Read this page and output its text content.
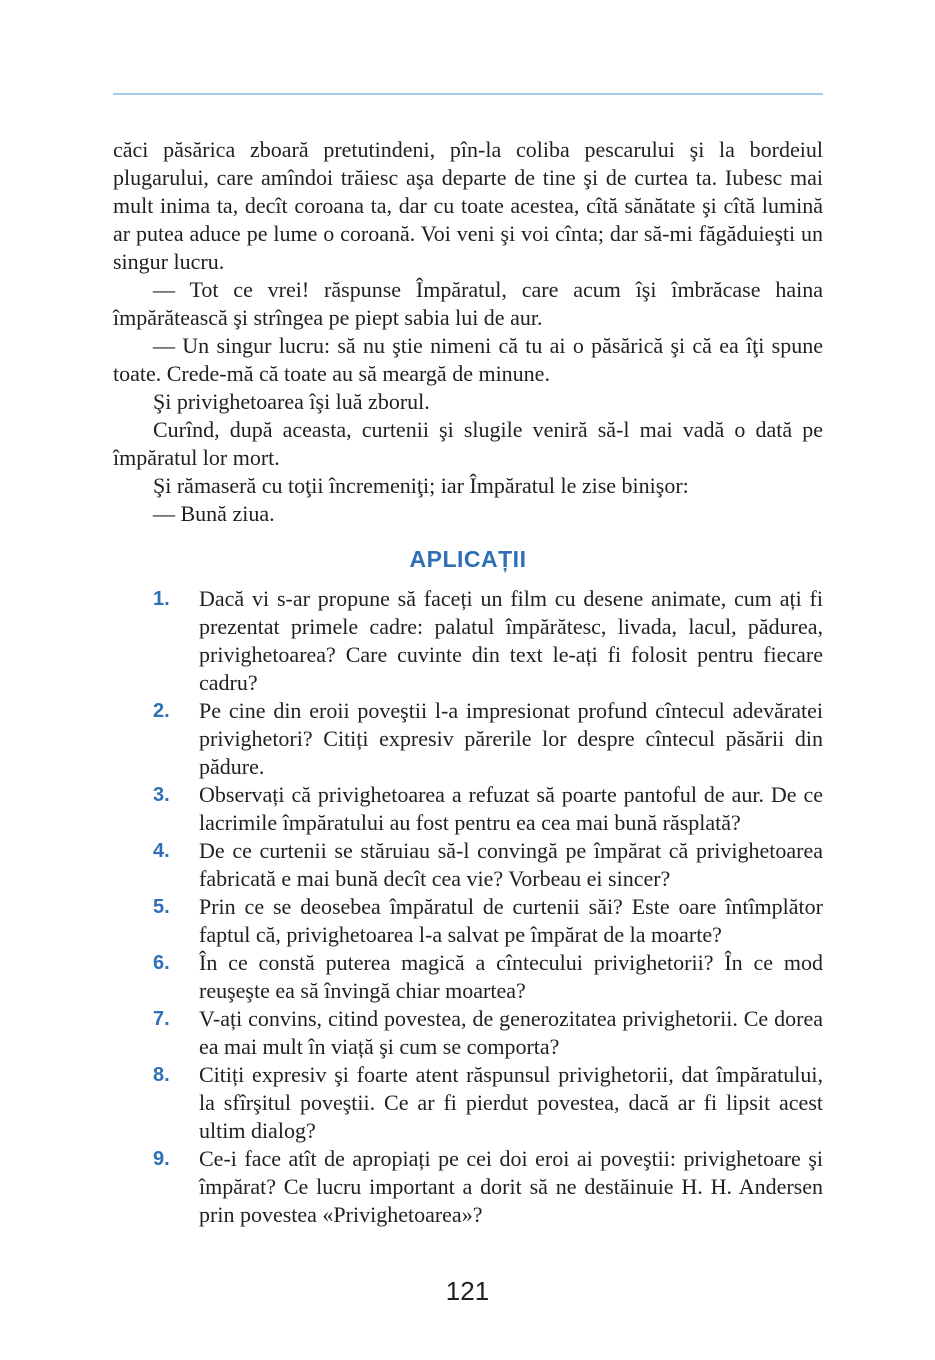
căci păsărica zboară pretutindeni, pîn-la coliba pescarului şi la bordeiul plugarului, care amîndoi trăiesc aşa departe de tine şi de curtea ta. Iubesc mai mult inima ta, decît coroana ta, dar cu toate acestea, cîtă sănătate şi cîtă lumină ar putea aduce pe lume o coroană. Voi veni şi voi cînta; dar să-mi făgăduieşti un singur lucru.

— Tot ce vrei! răspunse Împăratul, care acum îşi îmbrăcase haina împărătească şi strîngea pe piept sabia lui de aur.

— Un singur lucru: să nu ştie nimeni că tu ai o păsărică şi că ea îţi spune toate. Crede-mă că toate au să meargă de minune.

Şi privighetoarea îşi luă zborul.

Curînd, după aceasta, curtenii şi slugile veniră să-l mai vadă o dată pe împăratul lor mort.

Şi rămaseră cu toţii încremeniţi; iar Împăratul le zise binişor:

— Bună ziua.

APLICAȚII
1. Dacă vi s-ar propune să faceți un film cu desene animate, cum ați fi prezentat primele cadre: palatul împărătesc, livada, lacul, pădurea, privighetoarea? Care cuvinte din text le-ați fi folosit pentru fiecare cadru?
2. Pe cine din eroii poveştii l-a impresionat profund cîntecul adevăratei privighetori? Citiți expresiv părerile lor despre cîntecul păsării din pădure.
3. Observați că privighetoarea a refuzat să poarte pantoful de aur. De ce lacrimile împăratului au fost pentru ea cea mai bună răsplată?
4. De ce curtenii se stăruiau să-l convingă pe împărat că privighetoarea fabricată e mai bună decît cea vie? Vorbeau ei sincer?
5. Prin ce se deosebea împăratul de curtenii săi? Este oare întîmplător faptul că, privighetoarea l-a salvat pe împărat de la moarte?
6. În ce constă puterea magică a cîntecului privighetorii? În ce mod reuşeşte ea să învingă chiar moartea?
7. V-ați convins, citind povestea, de generozitatea privighetorii. Ce dorea ea mai mult în viață şi cum se comporta?
8. Citiți expresiv şi foarte atent răspunsul privighetorii, dat împăratului, la sfîrşitul poveştii. Ce ar fi pierdut povestea, dacă ar fi lipsit acest ultim dialog?
9. Ce-i face atît de apropiați pe cei doi eroi ai poveştii: privighetoare şi împărat? Ce lucru important a dorit să ne destăinuie H. H. Andersen prin povestea «Privighetoarea»?
121
